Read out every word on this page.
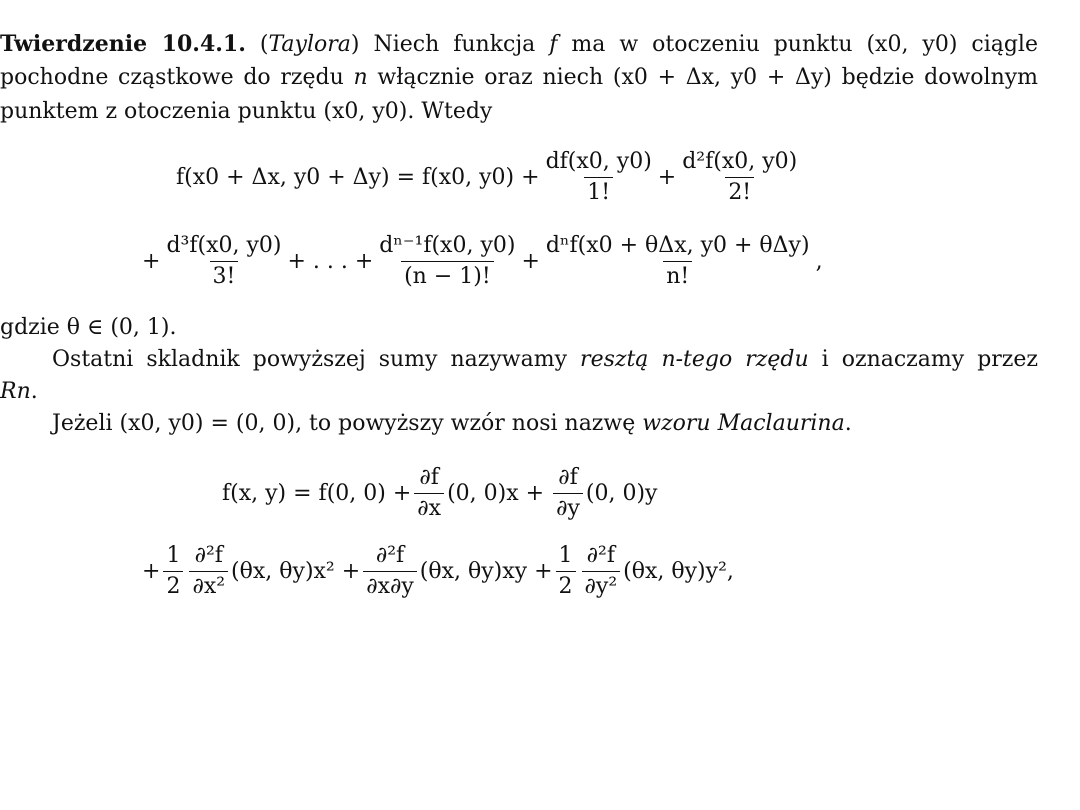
Twierdzenie 10.4.1. (Taylora) Niech funkcja f ma w otoczeniu punktu (x0, y0) ciągle
pochodne cząstkowe do rzędu n włącznie oraz niech (x0 + Δx, y0 + Δy) będzie dowolnym
punktem z otoczenia punktu (x0, y0). Wtedy
f(x0 + Δx, y0 + Δy) = f(x0, $y0) + \frac{df(x0, y0)}{1!} + \frac{\text{d²f(x0, y0)}}{2!}$
+ $\frac{\text{d³f(x0, y0)}}{3!}$ + . . . + $\frac{\text{dⁿ⁻¹f(x0, y0)}}{(n - 1)!} + \frac{\text{dⁿf(x0 + θΔx, y0 + θΔy)}}{n!}$ ,
gdzie θ ∈ (0, 1).
Ostatni skladnik powyższej sumy nazywamy resztą n-tego rzędu i oznaczamy przez
Rn.
Jeżeli (x0, y0) = (0, 0), to powyższy wzór nosi nazwę wzoru Maclaurina.
f(x, y) = f(0, $0) + \frac{\partial f}{\partial x} (0$, $0)x + \frac{\partial f}{\partial y} (0$, 0)y
+ $\frac{1}{2} \frac{\text{∂²f}}{\text{∂x²}} (\theta x$, $\theta y)x^2 + \frac{\text{∂²f}}{\partial x\partial y} (\theta x$, $\theta y)xy + \frac{1}{2} \frac{\text{∂²f}}{\text{∂y²}} (\theta x$, θy)y²,
